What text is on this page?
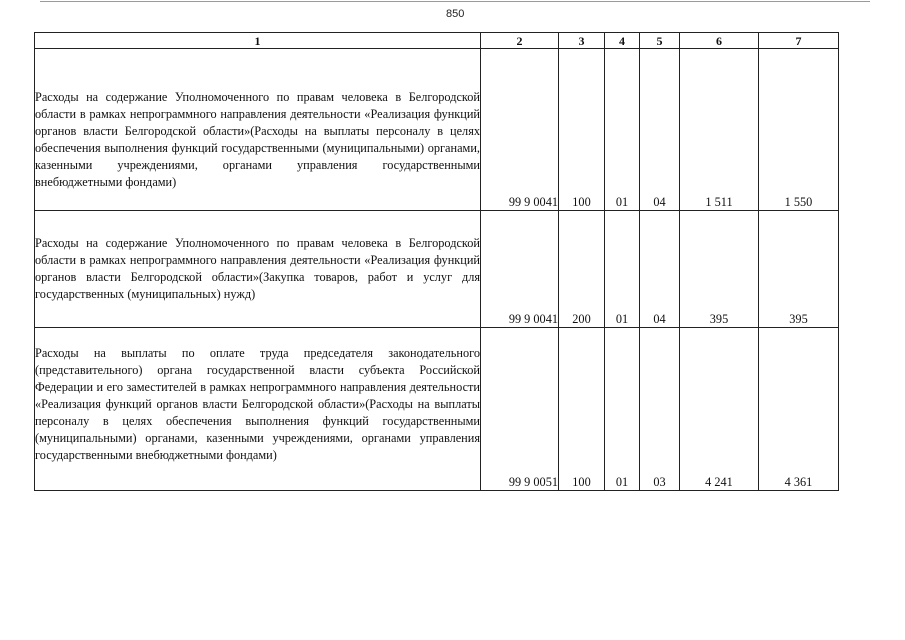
850
1	2	3	4	5	6	7

Расходы на содержание Уполномоченного по правам человека в Белгородской области в рамках непрограммного направления деятельности «Реализация функций органов власти Белгородской области»(Расходы на выплаты персоналу в целях обеспечения выполнения функций государственными (муниципальными) органами, казенными учреждениями, органами управления государственными внебюджетными фондами)	99 9 0041	100	01	04	1 511	1 550

Расходы на содержание Уполномоченного по правам человека в Белгородской области в рамках непрограммного направления деятельности «Реализация функций органов власти Белгородской области»(Закупка товаров, работ и услуг для государственных (муниципальных) нужд)	99 9 0041	200	01	04	395	395

Расходы на выплаты по оплате труда председателя законодательного (представительного) органа государственной власти субъекта Российской Федерации и его заместителей в рамках непрограммного направления деятельности «Реализация функций органов власти Белгородской области»(Расходы на выплаты персоналу в целях обеспечения выполнения функций государственными (муниципальными) органами, казенными учреждениями, органами управления государственными внебюджетными фондами)	99 9 0051	100	01	03	4 241	4 361
